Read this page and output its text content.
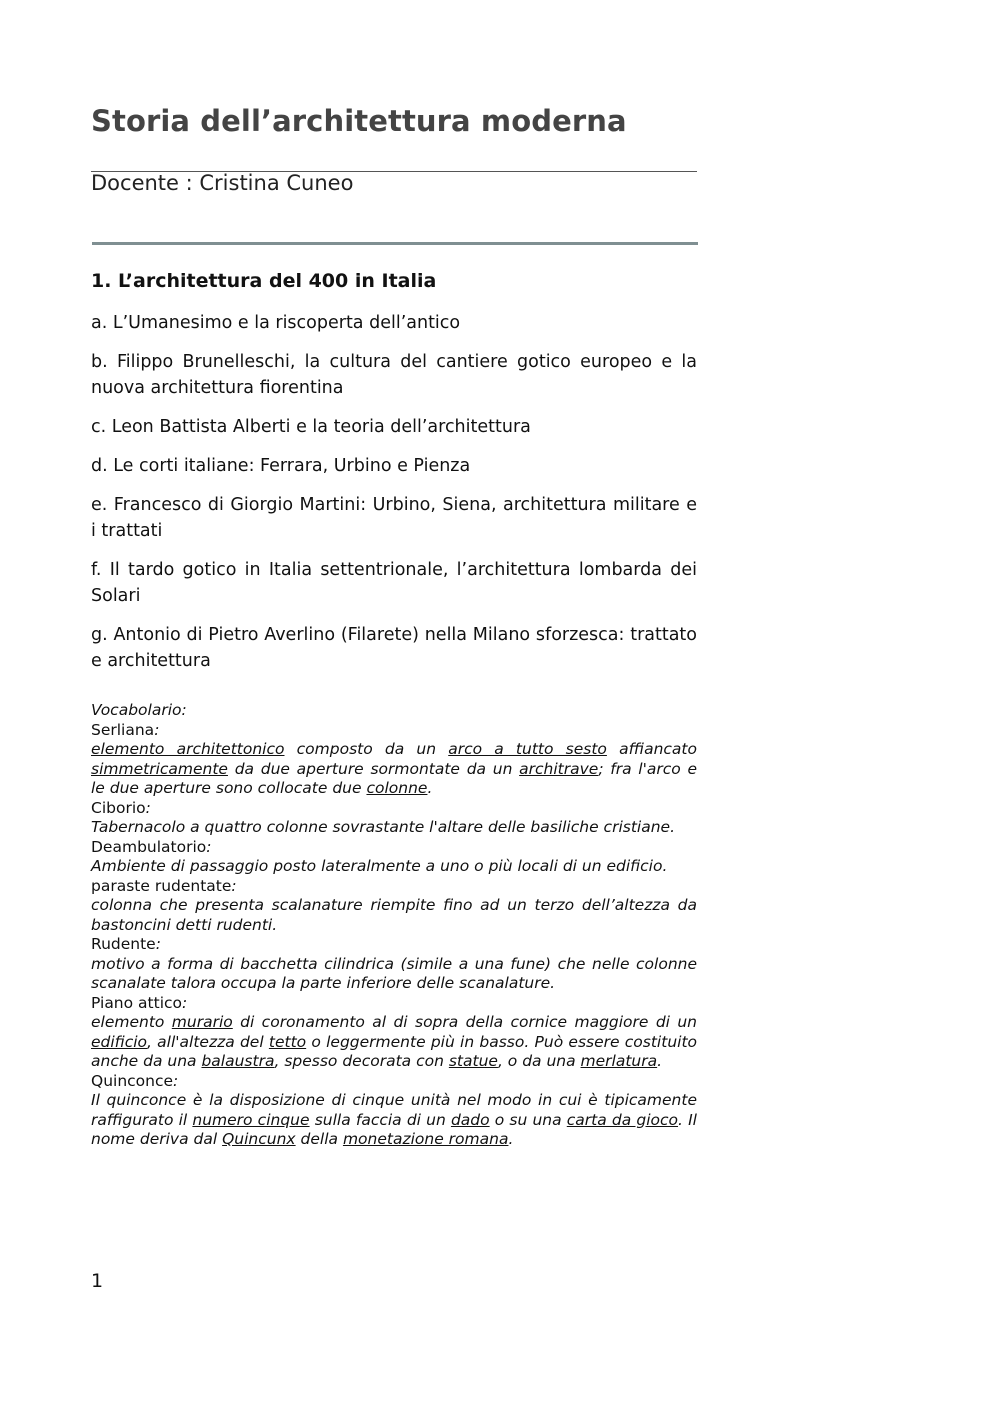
Storia dell’architettura moderna
Docente : Cristina Cuneo
1. L’architettura del 400 in Italia
a. L’Umanesimo e la riscoperta dell’antico
b. Filippo Brunelleschi, la cultura del cantiere gotico europeo e la nuova architettura fiorentina
c. Leon Battista Alberti e la teoria dell’architettura
d. Le corti italiane: Ferrara, Urbino e Pienza
e. Francesco di Giorgio Martini: Urbino, Siena, architettura militare e i trattati
f. Il tardo gotico in Italia settentrionale, l’architettura lombarda dei Solari
g. Antonio di Pietro Averlino (Filarete) nella Milano sforzesca: trattato e architettura
Vocabolario:
Serliana:
elemento architettonico composto da un arco a tutto sesto affiancato simmetricamente da due aperture sormontate da un architrave; fra l'arco e le due aperture sono collocate due colonne.
Ciborio:
Tabernacolo a quattro colonne sovrastante l'altare delle basiliche cristiane.
Deambulatorio:
Ambiente di passaggio posto lateralmente a uno o più locali di un edificio.
paraste rudentate:
colonna che presenta scalanature riempite fino ad un terzo dell’altezza da bastoncini detti rudenti.
Rudente:
motivo a forma di bacchetta cilindrica (simile a una fune) che nelle colonne scanalate talora occupa la parte inferiore delle scanalature.
Piano attico:
elemento murario di coronamento al di sopra della cornice maggiore di un edificio, all'altezza del tetto o leggermente più in basso. Può essere costituito anche da una balaustra, spesso decorata con statue, o da una merlatura.
Quinconce:
Il quinconce è la disposizione di cinque unità nel modo in cui è tipicamente raffigurato il numero cinque sulla faccia di un dado o su una carta da gioco. Il nome deriva dal Quincunx della monetazione romana.
1
